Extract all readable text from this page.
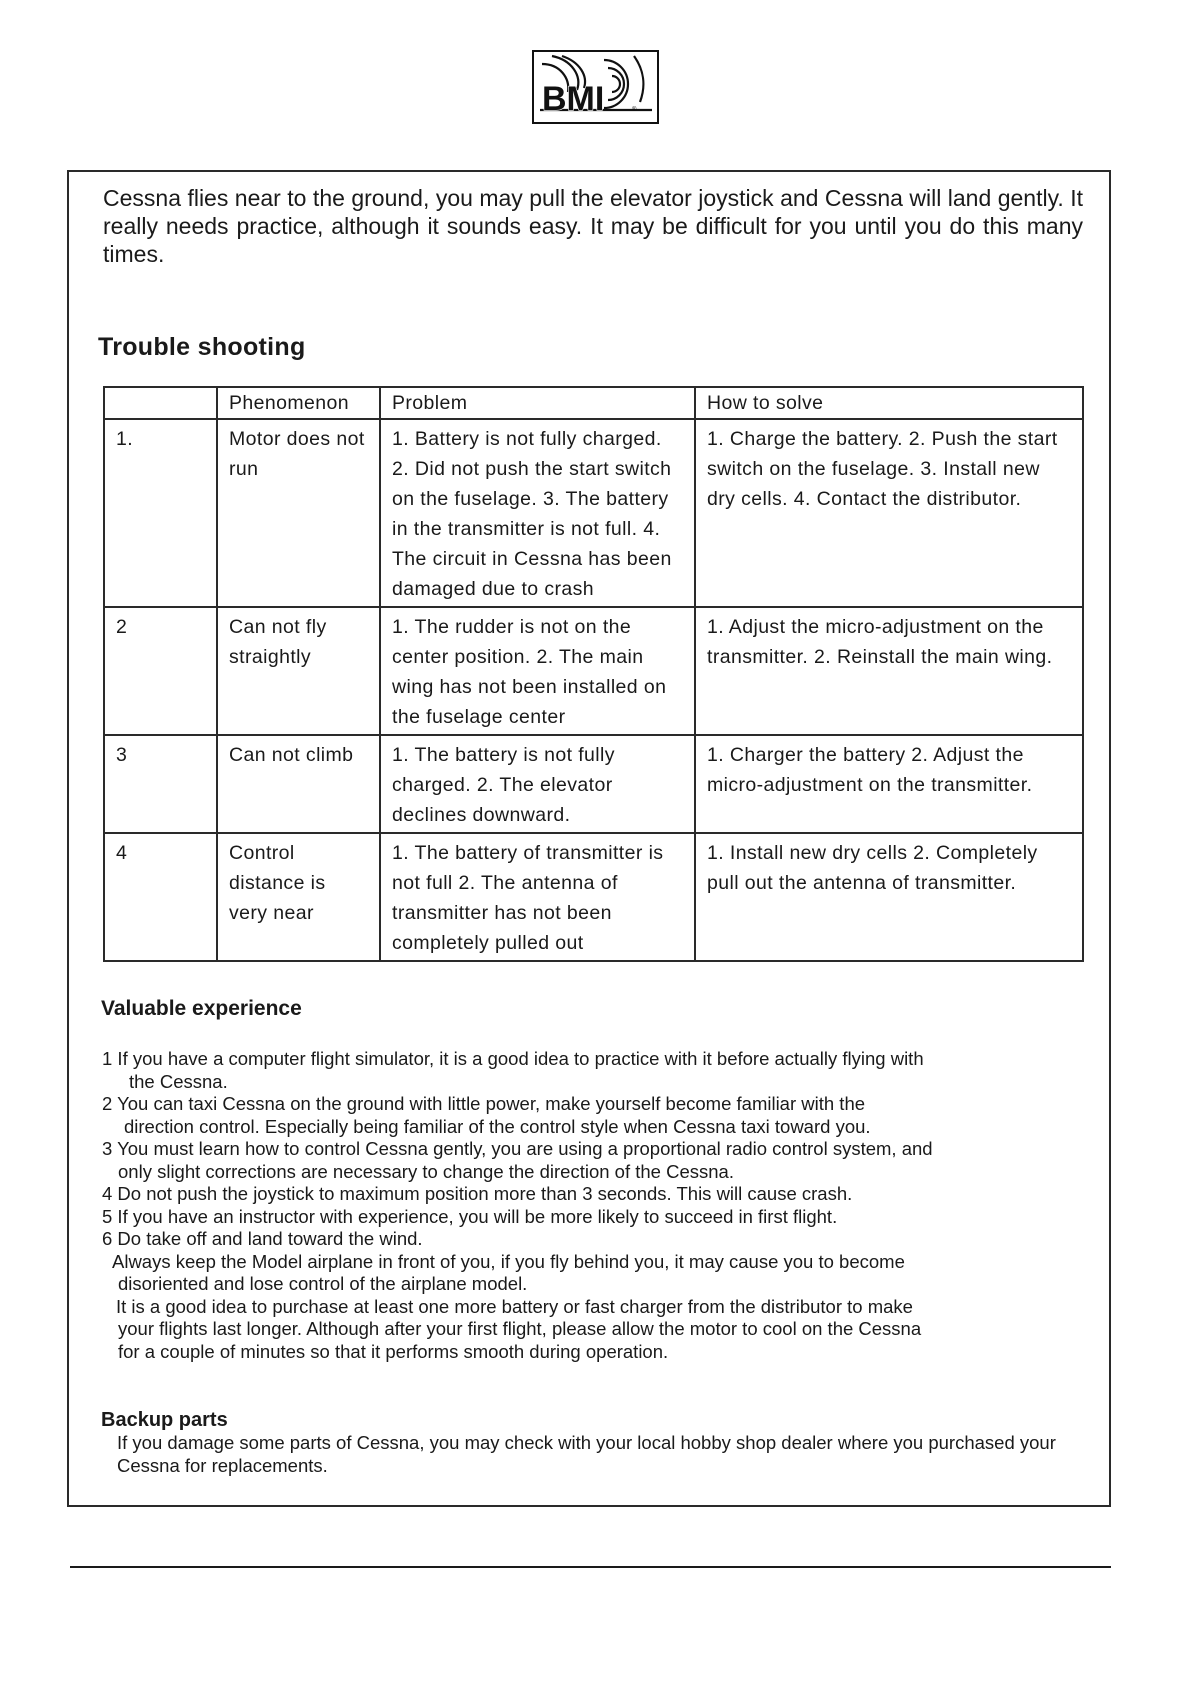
BMI	®

Cessna flies near to the ground, you may pull the elevator joystick and Cessna will land gently. It really needs practice, although it sounds easy. It may be difficult for you until you do this many times.

Trouble shooting
	Phenomenon	Problem	How to solve
1.	Motor does not run	1. Battery is not fully charged. 2. Did not push the start switch on the fuselage. 3. The battery in the transmitter is not full. 4. The circuit in Cessna has been damaged due to crash	1. Charge the battery. 2. Push the start switch on the fuselage. 3. Install new dry cells. 4. Contact the distributor.
2	Can not fly straightly	1. The rudder is not on the center position. 2. The main wing has not been installed on the fuselage center	1. Adjust the micro-adjustment on the transmitter. 2. Reinstall the main wing.
3	Can not climb	1. The battery is not fully charged. 2. The elevator declines downward.	1. Charger the battery 2. Adjust the micro-adjustment on the transmitter.
4	Control distance is very near	1. The battery of transmitter is not full 2. The antenna of transmitter has not been completely pulled out	1. Install new dry cells 2. Completely pull out the antenna of transmitter.
Valuable experience
1 If you have a computer flight simulator, it is a good idea to practice with it before actually flying with
the Cessna.
2 You can taxi Cessna on the ground with little power, make yourself become familiar with the
direction control. Especially being familiar of the control style when Cessna taxi toward you.
3 You must learn how to control Cessna gently, you are using a proportional radio control system, and
only slight corrections are necessary to change the direction of the Cessna.
4 Do not push the joystick to maximum position more than 3 seconds. This will cause crash.
5 If you have an instructor with experience, you will be more likely to succeed in first flight.
6 Do take off and land toward the wind.
Always keep the Model airplane in front of you, if you fly behind you, it may cause you to become
disoriented and lose control of the airplane model.
It is a good idea to purchase at least one more battery or fast charger from the distributor to make
your flights last longer. Although after your first flight, please allow the motor to cool on the Cessna
for a couple of minutes so that it performs smooth during operation.
Backup parts

If you damage some parts of Cessna, you may check with your local hobby shop dealer where you purchased your Cessna for replacements.
